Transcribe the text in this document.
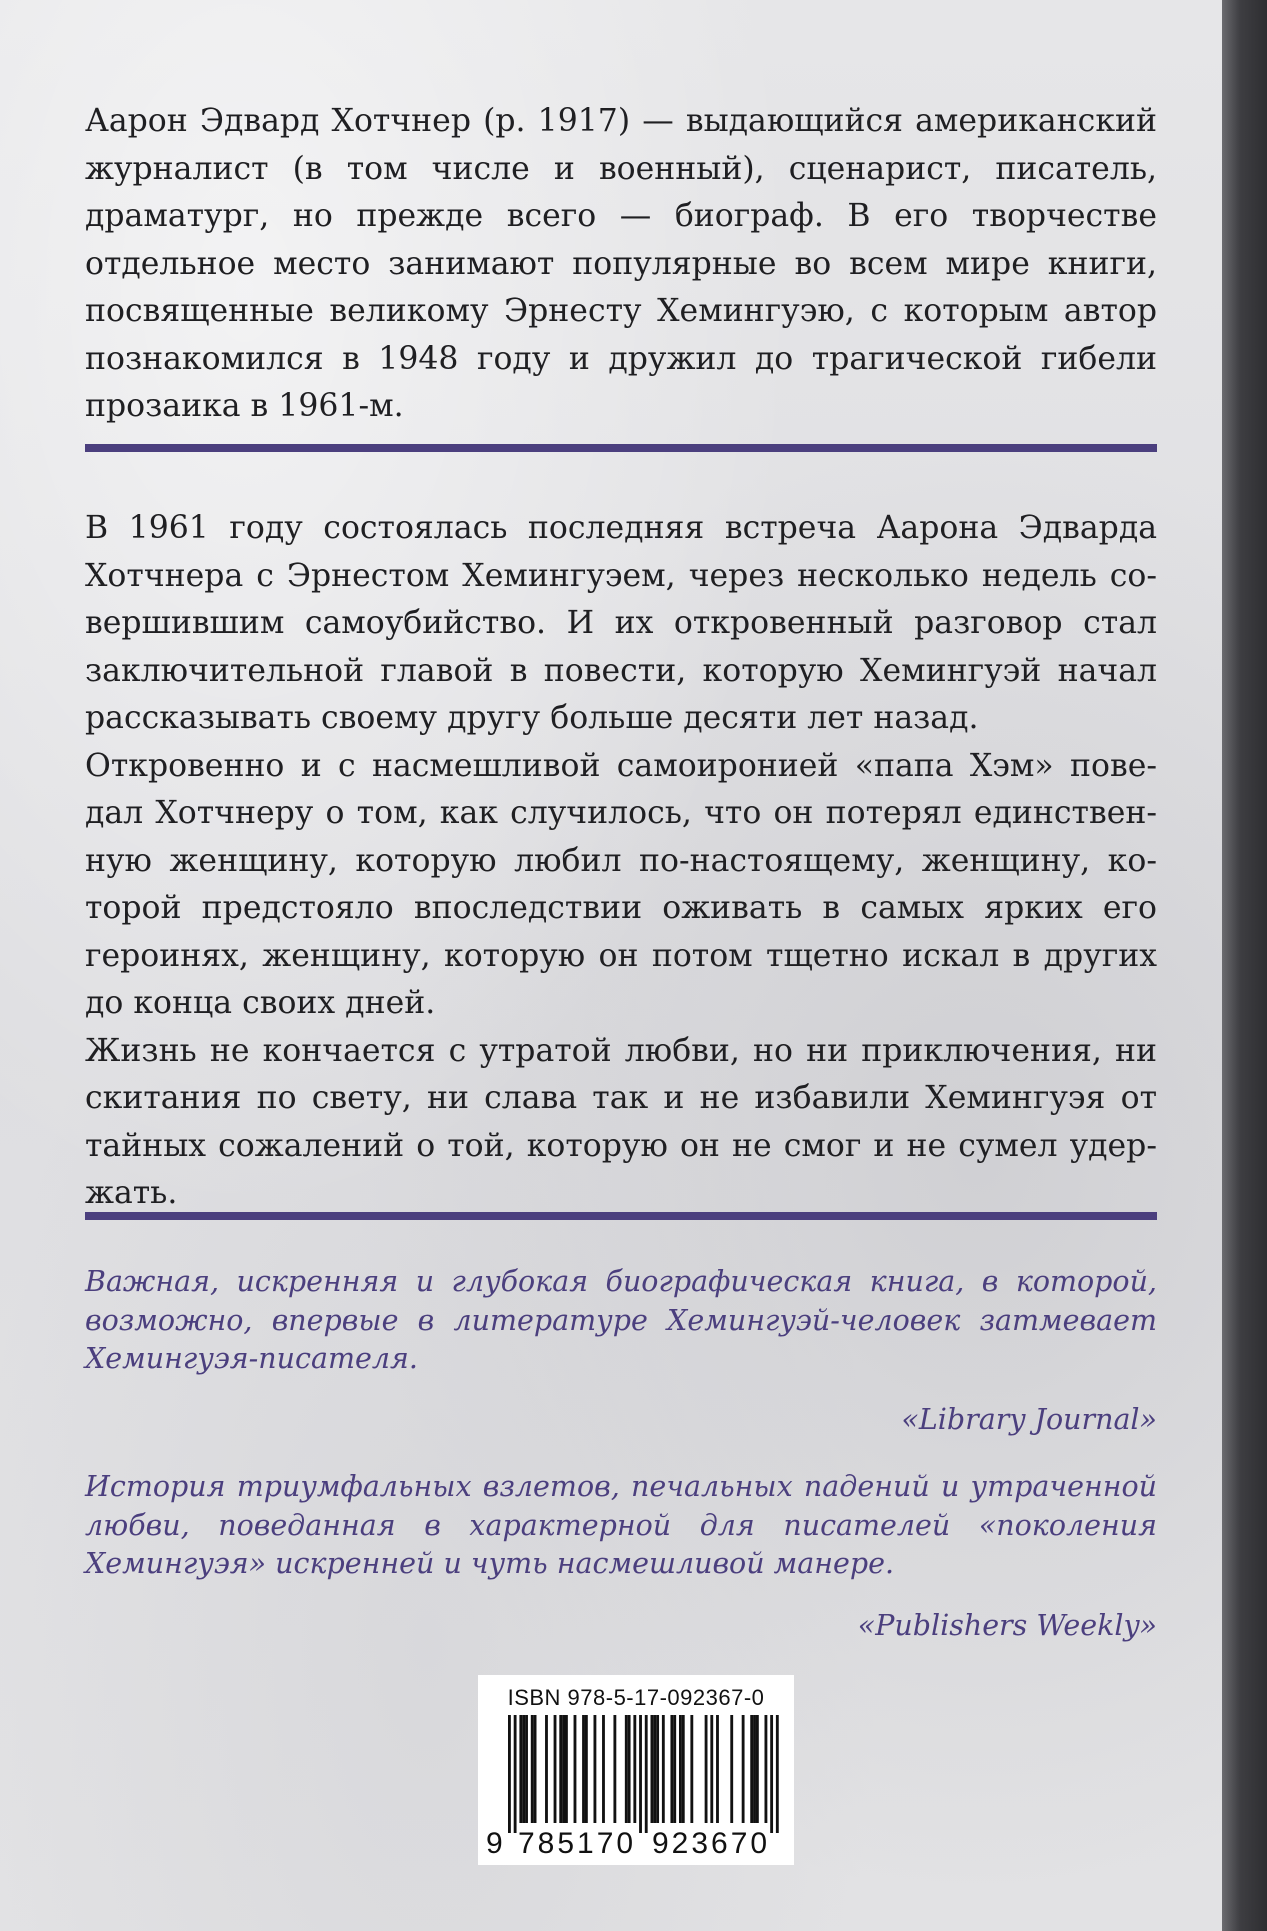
Аарон Эдвард Хотчнер (р. 1917) — выдающийся американский журналист (в том числе и военный), сценарист, писатель, драматург, но прежде всего — биограф. В его творчестве отдельное место занимают популярные во всем мире книги, посвященные великому Эрнесту Хемингуэю, с которым автор познакомился в 1948 году и дружил до трагической гибели прозаика в 1961-м.

В 1961 году состоялась последняя встреча Аарона Эдварда Хотчнера с Эрнестом Хемингуэем, через несколько недель совершившим самоубийство. И их откровенный разговор стал заключительной главой в повести, которую Хемингуэй начал рассказывать своему другу больше десяти лет назад.

Откровенно и с насмешливой самоиронией «папа Хэм» поведал Хотчнеру о том, как случилось, что он потерял единственную женщину, которую любил по-настоящему, женщину, которой предстояло впоследствии оживать в самых ярких его героинях, женщину, которую он потом тщетно искал в других до конца своих дней.

Жизнь не кончается с утратой любви, но ни приключения, ни скитания по свету, ни слава так и не избавили Хемингуэя от тайных сожалений о той, которую он не смог и не сумел удержать.

Важная, искренняя и глубокая биографическая книга, в которой, возможно, впервые в литературе Хемингуэй-человек затмевает Хемингуэя-писателя.

«Library Journal»

История триумфальных взлетов, печальных падений и утраченной любви, поведанная в характерной для писателей «поколения Хемингуэя» искренней и чуть насмешливой манере.

«Publishers Weekly»

ISBN 978-5-17-092367-0
9 785170 923670
